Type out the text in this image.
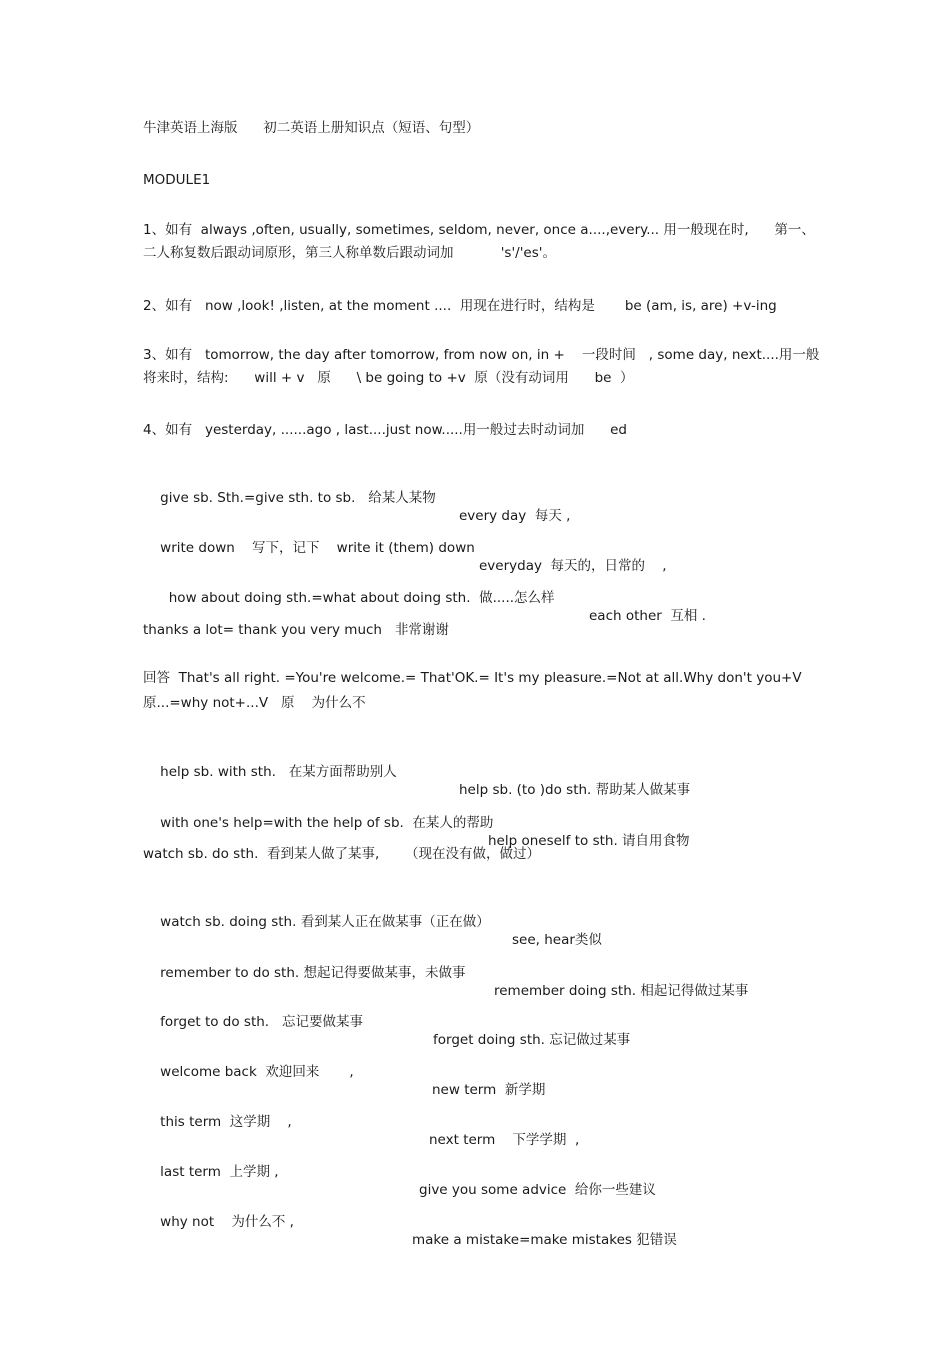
牛津英语上海版      初二英语上册知识点（短语、句型）

MODULE1

1、如有  always ,often, usually, sometimes, seldom, never, once a....,every... 用一般现在时,      第一、

二人称复数后跟动词原形，第三人称单数后跟动词加           's'/'es'。

2、如有   now ,look! ,listen, at the moment ....  用现在进行时，结构是       be (am, is, are) +v-ing

3、如有   tomorrow, the day after tomorrow, from now on, in +    一段时间   , some day, next....用一般

将来时，结构:      will + v   原      \ be going to +v  原（没有动词用      be  ）

4、如有   yesterday, ......ago , last....just now.....用一般过去时动词加      ed

give sb. Sth.=give sth. to sb.   给某人某物

every day  每天 ,

write down    写下，记下    write it (them) down

everyday  每天的，日常的    ,

how about doing sth.=what about doing sth.  做.....怎么样

each other  互相 .

thanks a lot= thank you very much   非常谢谢

回答  That's all right. =You're welcome.= That'OK.= It's my pleasure.=Not at all.Why don't you+V

原...=why not+...V   原    为什么不

help sb. with sth.   在某方面帮助别人

help sb. (to )do sth. 帮助某人做某事

with one's help=with the help of sb.  在某人的帮助

help oneself to sth. 请自用食物

watch sb. do sth.  看到某人做了某事,      （现在没有做，做过）

watch sb. doing sth. 看到某人正在做某事（正在做）

see, hear类似

remember to do sth. 想起记得要做某事，未做事

remember doing sth. 相起记得做过某事

forget to do sth.   忘记要做某事

forget doing sth. 忘记做过某事

welcome back  欢迎回来       ,

new term  新学期

this term  这学期    ,

next term    下学学期  ,

last term  上学期 ,

give you some advice  给你一些建议

why not    为什么不 ,

make a mistake=make mistakes 犯错误
